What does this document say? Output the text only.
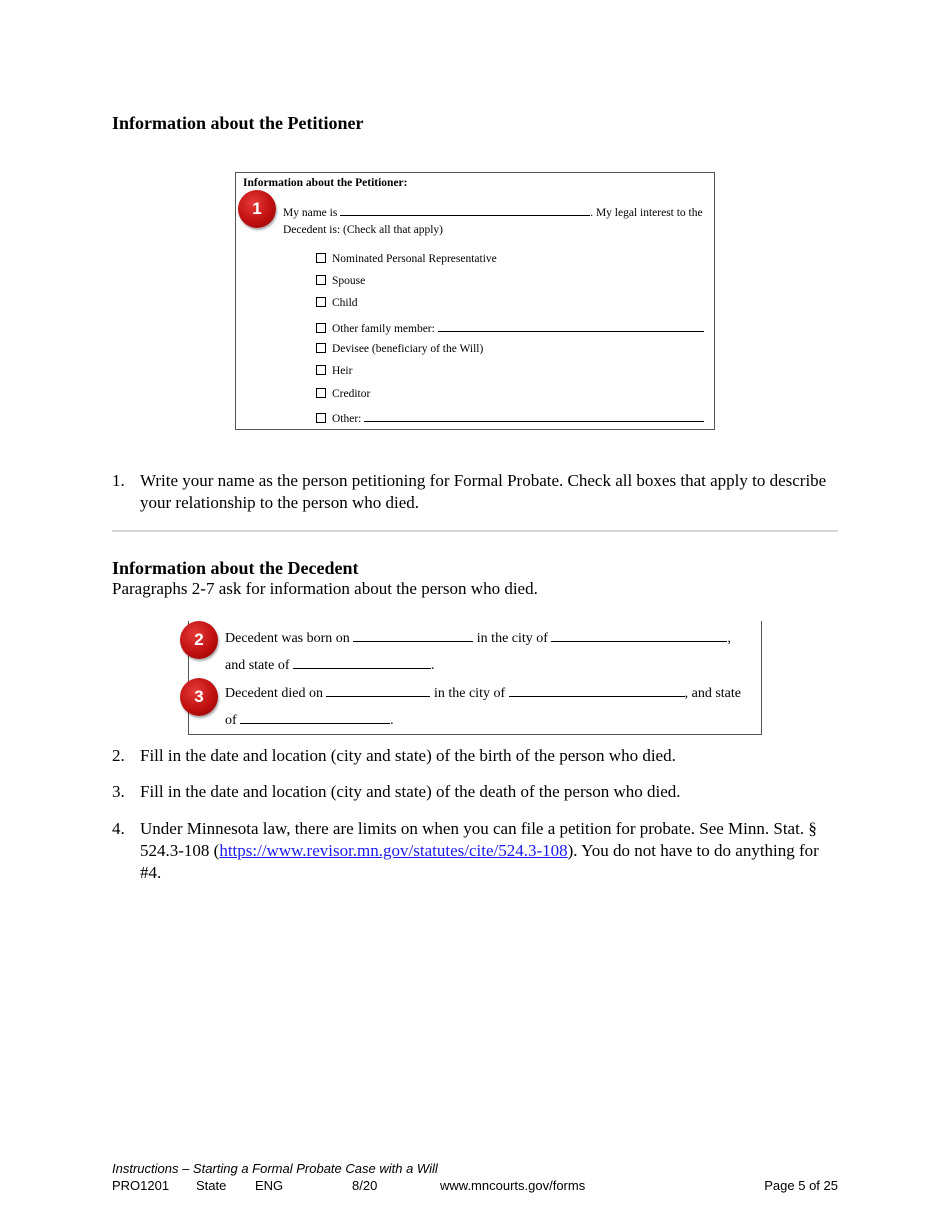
Information about the Petitioner
Information about the Petitioner:
1	My name is	. My legal interest to the
Decedent is: (Check all that apply)
Nominated Personal Representative
Spouse
Child
Other family member:
Devisee (beneficiary of the Will)
Heir
Creditor
Other:
1. Write your name as the person petitioning for Formal Probate. Check all boxes that apply to describe your relationship to the person who died.
Information about the Decedent
Paragraphs 2-7 ask for information about the person who died.
2	Decedent was born on	in the city of	,
and state of	.
3	Decedent died on	in the city of	, and state
of	.
2. Fill in the date and location (city and state) of the birth of the person who died.
3. Fill in the date and location (city and state) of the death of the person who died.
4. Under Minnesota law, there are limits on when you can file a petition for probate. See Minn. Stat. § 524.3-108 (https://www.revisor.mn.gov/statutes/cite/524.3-108). You do not have to do anything for #4.
Instructions – Starting a Formal Probate Case with a Will
PRO1201 State ENG	8/20	www.mncourts.gov/forms	Page 5 of 25
